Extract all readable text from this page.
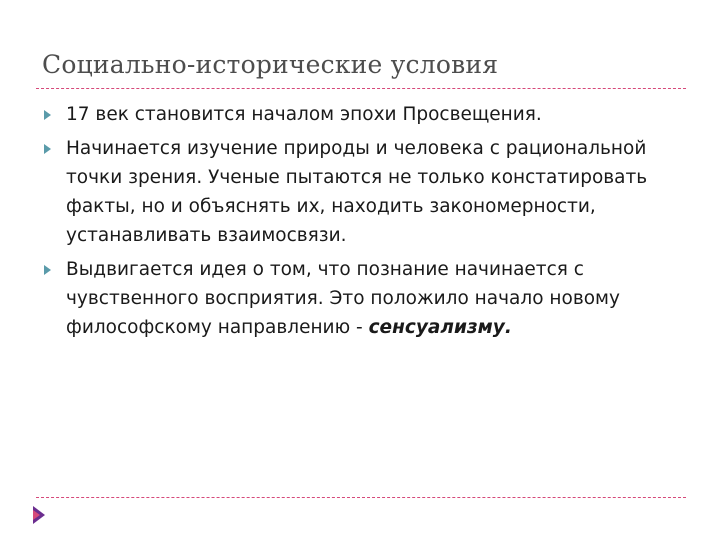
Социально-исторические условия
17 век становится началом эпохи Просвещения.
Начинается изучение природы и человека с рациональной точки зрения. Ученые пытаются не только констатировать факты, но и объяснять их, находить закономерности, устанавливать взаимосвязи.
Выдвигается идея о том, что познание начинается с чувственного восприятия. Это положило начало новому философскому направлению - сенсуализму.
